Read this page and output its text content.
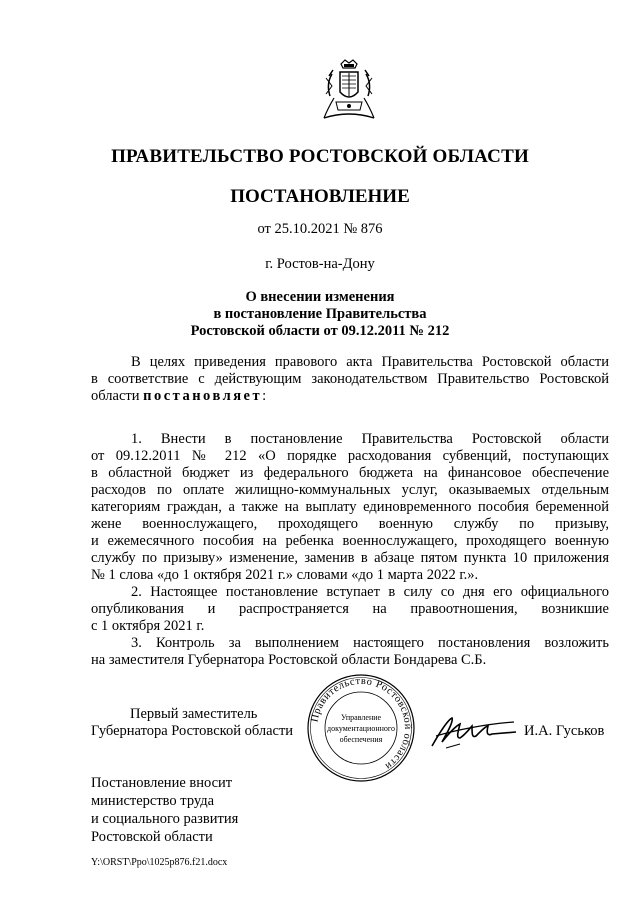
ПРАВИТЕЛЬСТВО РОСТОВСКОЙ ОБЛАСТИ
ПОСТАНОВЛЕНИЕ
от 25.10.2021 № 876
г. Ростов-на-Дону
О внесении изменения
в постановление Правительства
Ростовской области от 09.12.2011 № 212
В целях приведения правового акта Правительства Ростовской области
в соответствие с действующим законодательством Правительство Ростовской
области постановляет:
1. Внести в постановление Правительства Ростовской области
от 09.12.2011 № 212 «О порядке расходования субвенций, поступающих
в областной бюджет из федерального бюджета на финансовое обеспечение
расходов по оплате жилищно-коммунальных услуг, оказываемых отдельным
категориям граждан, а также на выплату единовременного пособия беременной
жене военнослужащего, проходящего военную службу по призыву,
и ежемесячного пособия на ребенка военнослужащего, проходящего военную
службу по призыву» изменение, заменив в абзаце пятом пункта 10 приложения
№ 1 слова «до 1 октября 2021 г.» словами «до 1 марта 2022 г.».
2. Настоящее постановление вступает в силу со дня его официального
опубликования и распространяется на правоотношения, возникшие
с 1 октября 2021 г.
3. Контроль за выполнением настоящего постановления возложить
на заместителя Губернатора Ростовской области Бондарева С.Б.
Первый заместитель
Губернатора Ростовской области
Правительство Ростовской области
Управление
документационного
обеспечения
И.А. Гуськов
Постановление вносит
министерство труда
и социального развития
Ростовской области
Y:\ORST\Ppo\1025p876.f21.docx
